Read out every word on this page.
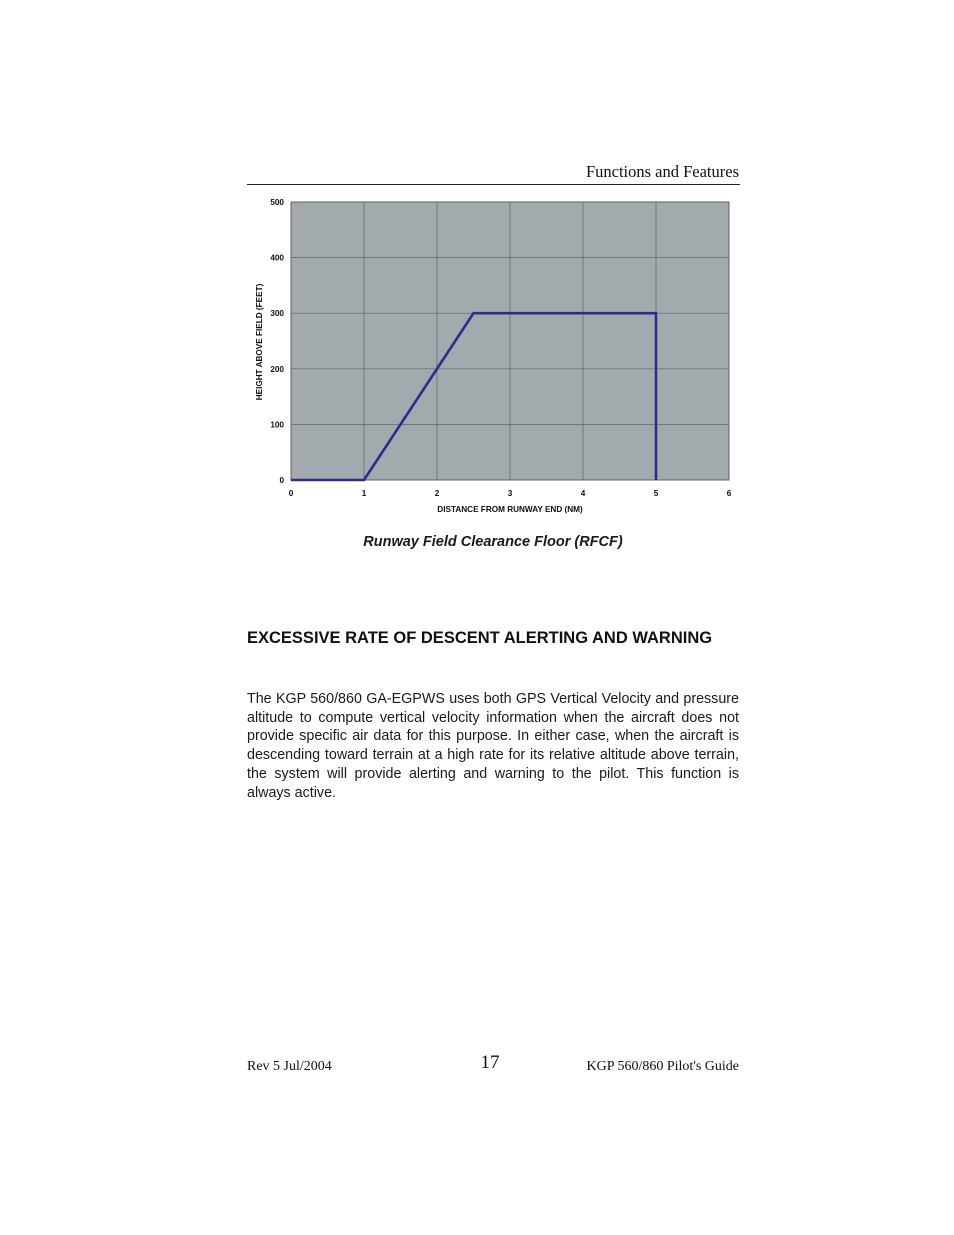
Functions and Features
0	1	2	3	4	5	6
0
100
200
300
400
500
DISTANCE FROM RUNWAY END (NM)
HEIGHT ABOVE FIELD (FEET)
Runway Field Clearance Floor (RFCF)
EXCESSIVE RATE OF DESCENT ALERTING AND WARNING

The KGP 560/860 GA-EGPWS uses both GPS Vertical Velocity and pressure altitude to compute vertical velocity information when the aircraft does not provide specific air data for this purpose. In either case, when the aircraft is descending toward terrain at a high rate for its relative altitude above terrain, the system will provide alerting and warning to the pilot. This function is always active.

Rev 5 Jul/2004	17	KGP 560/860 Pilot's Guide
